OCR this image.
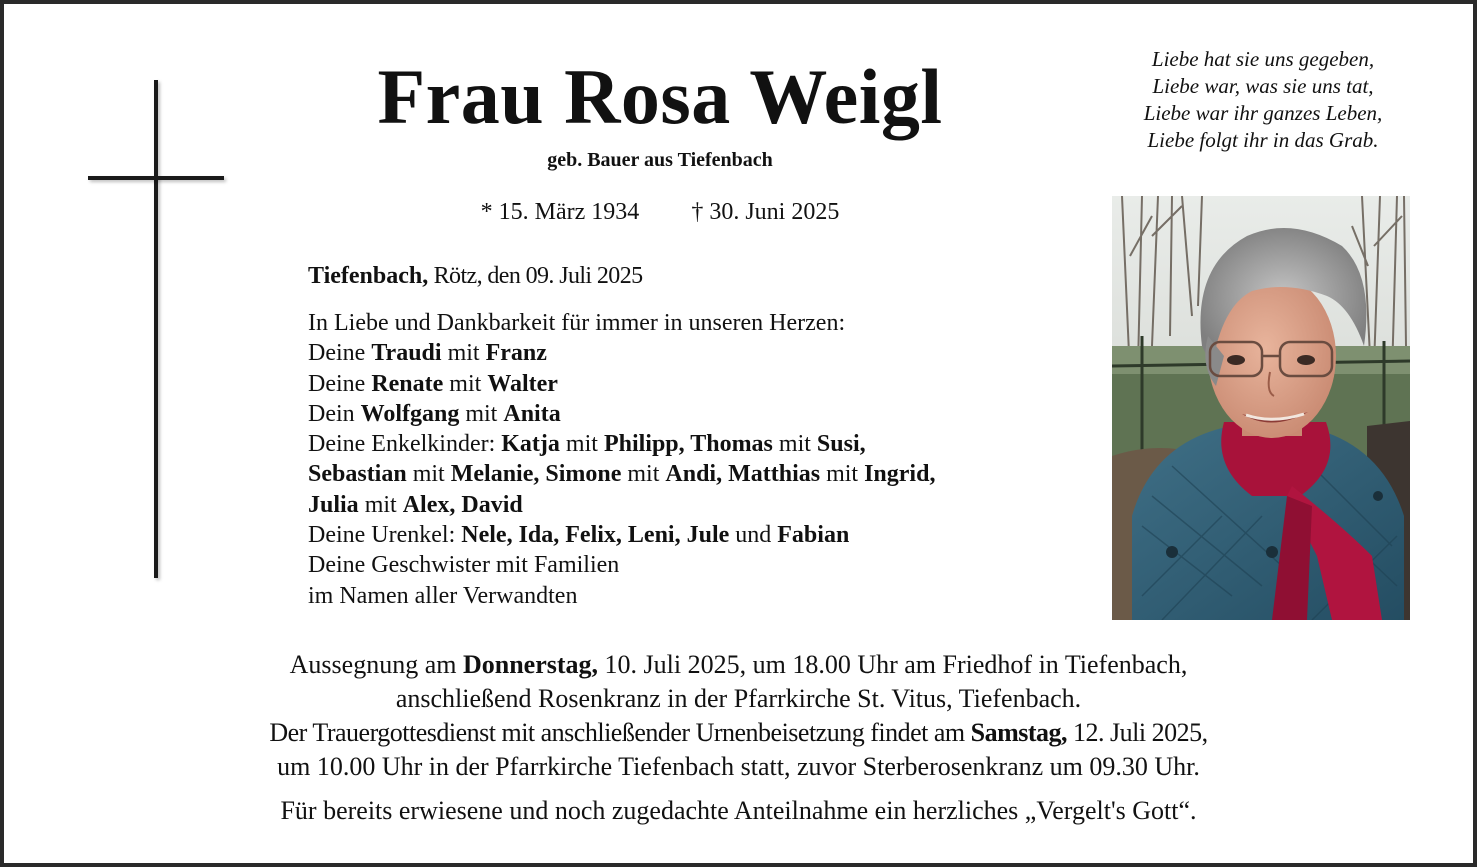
Frau Rosa Weigl
geb. Bauer aus Tiefenbach
* 15. März 1934 † 30. Juni 2025
Liebe hat sie uns gegeben,
Liebe war, was sie uns tat,
Liebe war ihr ganzes Leben,
Liebe folgt ihr in das Grab.
Tiefenbach, Rötz, den 09. Juli 2025
In Liebe und Dankbarkeit für immer in unseren Herzen:
Deine Traudi mit Franz
Deine Renate mit Walter
Dein Wolfgang mit Anita
Deine Enkelkinder: Katja mit Philipp, Thomas mit Susi,
Sebastian mit Melanie, Simone mit Andi, Matthias mit Ingrid,
Julia mit Alex, David
Deine Urenkel: Nele, Ida, Felix, Leni, Jule und Fabian
Deine Geschwister mit Familien
im Namen aller Verwandten
Aussegnung am Donnerstag, 10. Juli 2025, um 18.00 Uhr am Friedhof in Tiefenbach,
anschließend Rosenkranz in der Pfarrkirche St. Vitus, Tiefenbach.
Der Trauergottesdienst mit anschließender Urnenbeisetzung findet am Samstag, 12. Juli 2025,
um 10.00 Uhr in der Pfarrkirche Tiefenbach statt, zuvor Sterberosenkranz um 09.30 Uhr.
Für bereits erwiesene und noch zugedachte Anteilnahme ein herzliches „Vergelt's Gott“.
